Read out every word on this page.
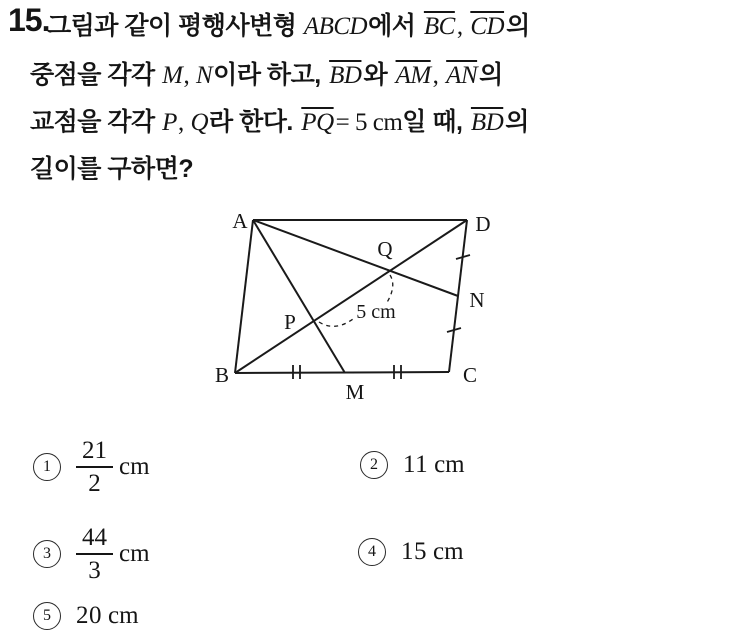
15.
그림과 같이 평행사변형 ABCD에서 $\overline{BC}$, $\overline{CD}$의
중점을 각각 M, N이라 하고, $\overline{BD}$와 $\overline{AM}$, $\overline{AN}$의
교점을 각각 P, Q라 한다. $\overline{PQ}= 5$ cm일 때, $\overline{BD}$의
길이를 구하면?
A	D
B	C
M
N
P
Q
5 cm
1	$\frac{21}{2}$ cm	2	11 cm
3	$\frac{44}{3}$ cm	4	15 cm
5	20 cm
